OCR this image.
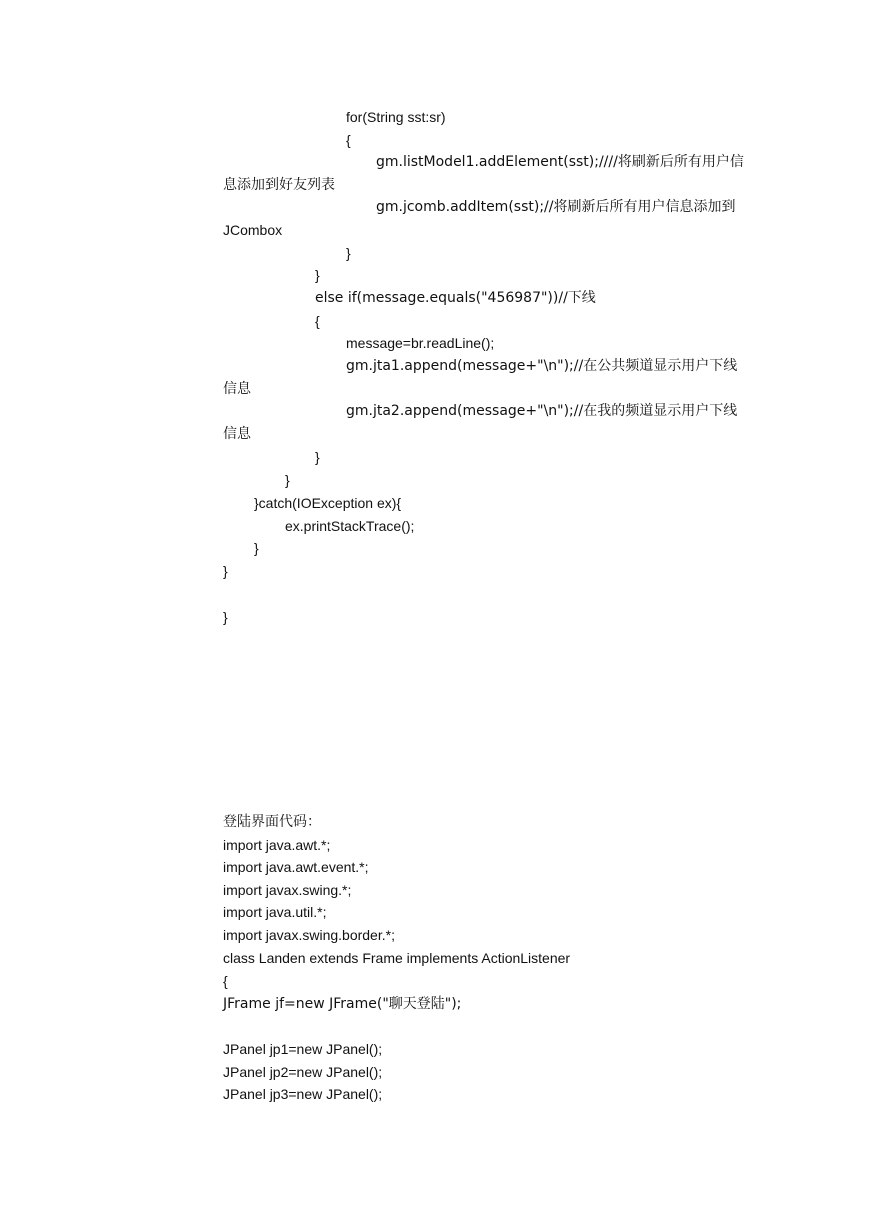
for(String sst:sr)
{
gm.listModel1.addElement(sst);////将刷新后所有用户信
息添加到好友列表
gm.jcomb.addItem(sst);//将刷新后所有用户信息添加到
JCombox
}
}
else if(message.equals("456987"))//下线
{
message=br.readLine();
gm.jta1.append(message+"\n");//在公共频道显示用户下线
信息
gm.jta2.append(message+"\n");//在我的频道显示用户下线
信息
}
}
}catch(IOException ex){
ex.printStackTrace();
}
}
}
登陆界面代码：
import java.awt.*;
import java.awt.event.*;
import javax.swing.*;
import java.util.*;
import javax.swing.border.*;
class Landen extends Frame implements ActionListener
{
JFrame jf=new JFrame("聊天登陆");
JPanel jp1=new JPanel();
JPanel jp2=new JPanel();
JPanel jp3=new JPanel();
